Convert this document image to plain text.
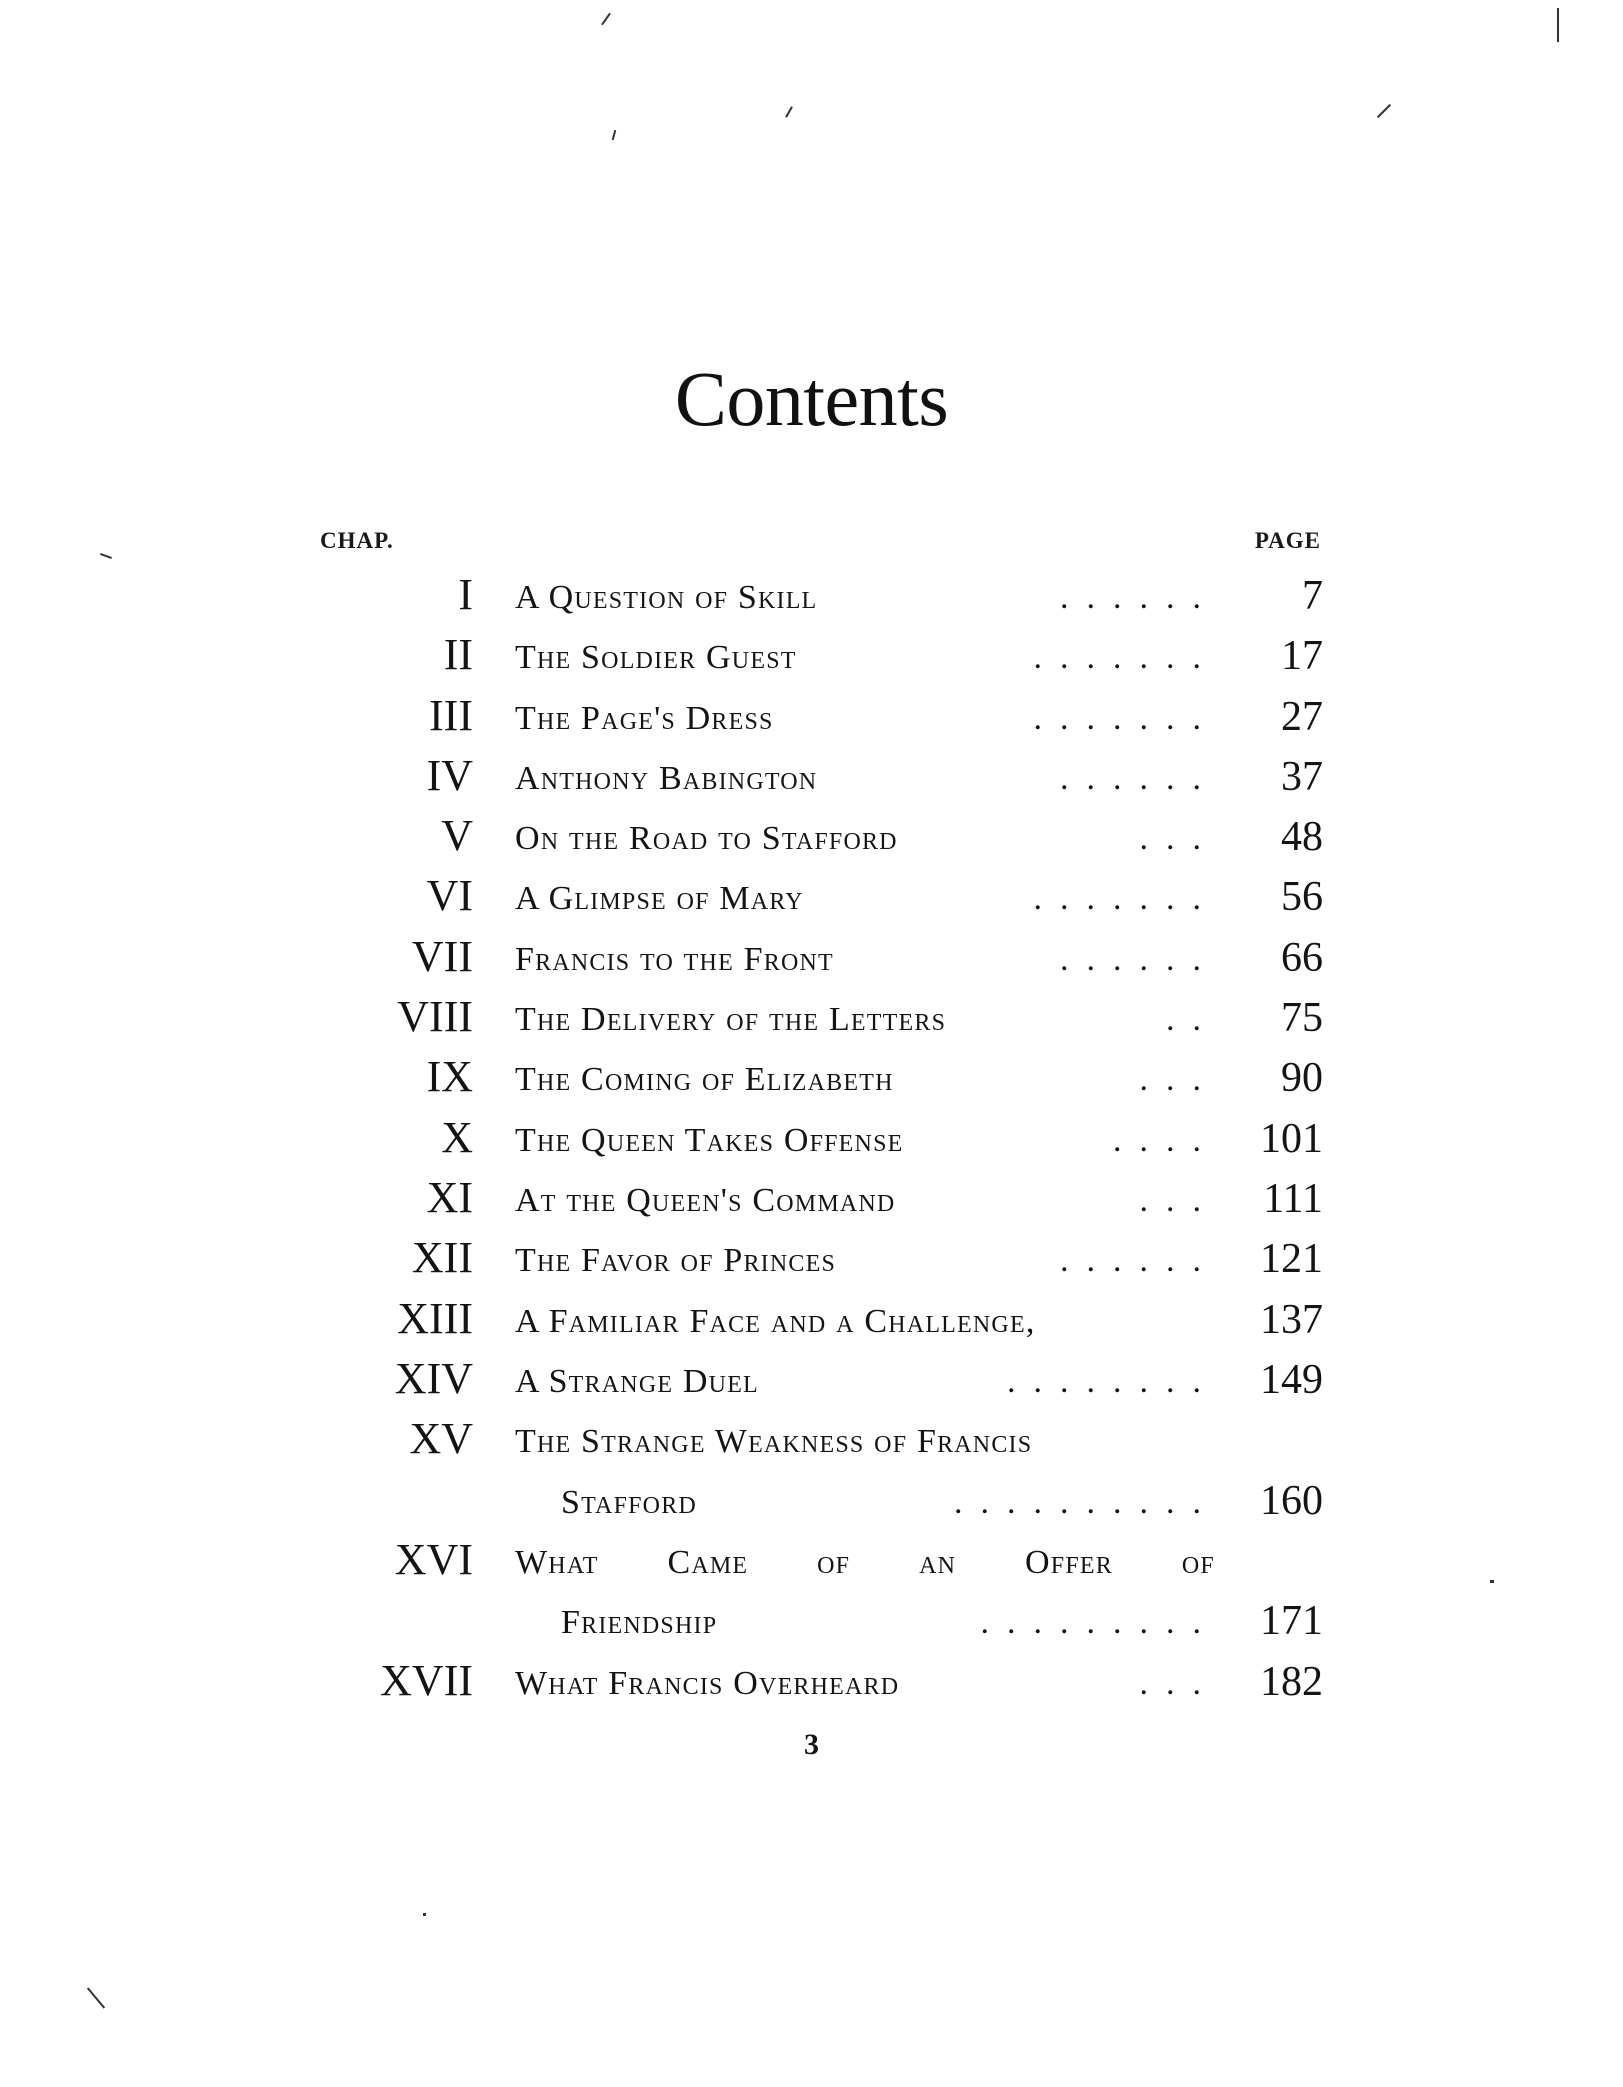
Contents
CHAP.	PAGE
I A Question of Skill	...... 7
II The Soldier Guest	....... 17
III The Page's Dress	....... 27
IV Anthony Babington	...... 37
V On the Road to Stafford	... 48
VI A Glimpse of Mary	....... 56
VII Francis to the Front	...... 66
VIII The Delivery of the Letters	.. 75
IX The Coming of Elizabeth	... 90
X The Queen Takes Offense	.... 101
XI At the Queen's Command	... 111
XII The Favor of Princes	...... 121
XIII A Familiar Face and a Challenge,	137
XIV A Strange Duel	........ 149
XV The Strange Weakness of Francis
Stafford	.......... 160
XVI What Came of an Offer of
Friendship	......... 171
XVII What Francis Overheard	... 182
3
